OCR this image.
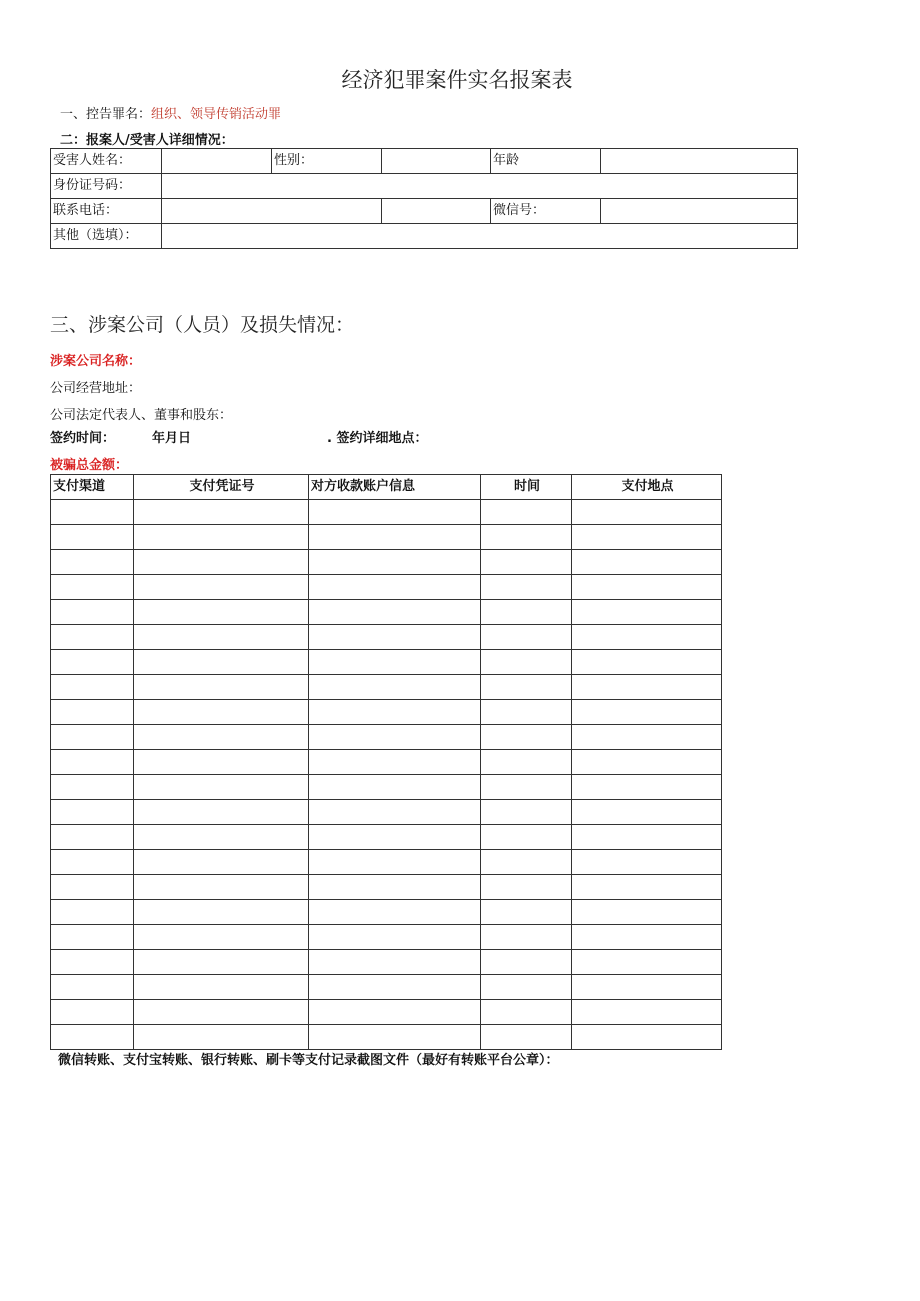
经济犯罪案件实名报案表
一、控告罪名：组织、领导传销活动罪
二：报案人/受害人详细情况：
受害人姓名：		性别：		年龄	
身份证号码：					
联系电话：				微信号：	
其他（选填）：					
三、涉案公司（人员）及损失情况：
涉案公司名称：
公司经营地址：
公司法定代表人、董事和股东：
签约时间：	年月日	. 签约详细地点：
被骗总金额：
支付渠道	支付凭证号	对方收款账户信息	时间	支付地点

微信转账、支付宝转账、银行转账、刷卡等支付记录截图文件（最好有转账平台公章）：
